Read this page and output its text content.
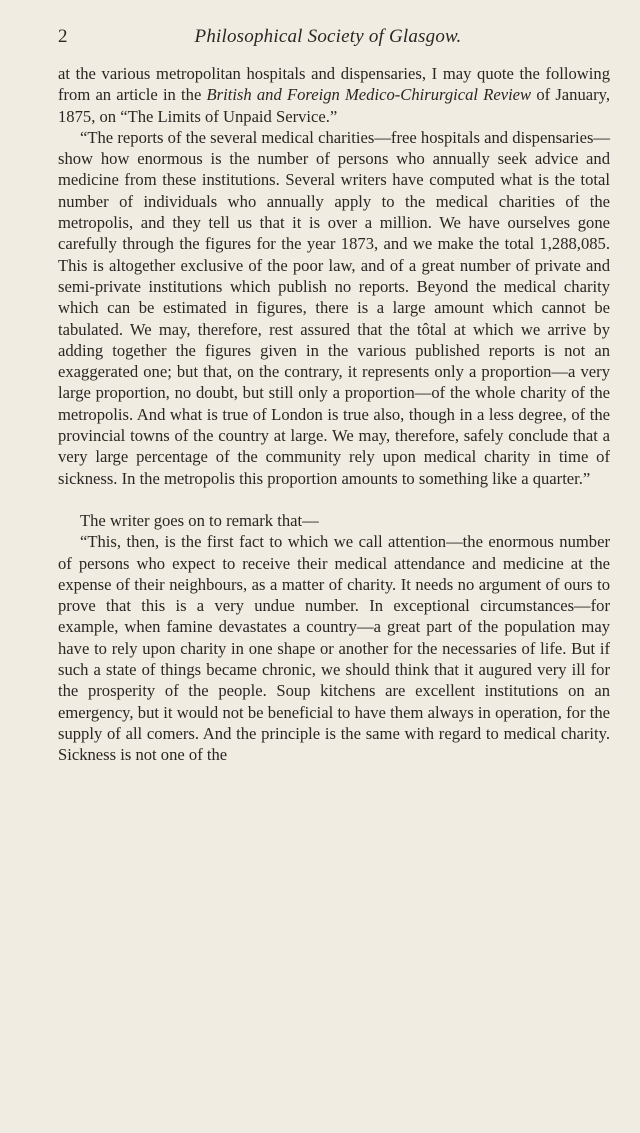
2	Philosophical Society of Glasgow.

at the various metropolitan hospitals and dispensaries, I may quote the following from an article in the British and Foreign Medico-Chirurgical Review of January, 1875, on “The Limits of Unpaid Service.”

“The reports of the several medical charities—free hospitals and dispensaries—show how enormous is the number of persons who annually seek advice and medicine from these institutions. Several writers have computed what is the total number of individuals who annually apply to the medical charities of the metropolis, and they tell us that it is over a million. We have ourselves gone carefully through the figures for the year 1873, and we make the total 1,288,085. This is altogether exclusive of the poor law, and of a great number of private and semi-private institutions which publish no reports. Beyond the medical charity which can be estimated in figures, there is a large amount which cannot be tabulated. We may, therefore, rest assured that the tôtal at which we arrive by adding together the figures given in the various published reports is not an exaggerated one; but that, on the contrary, it represents only a proportion—a very large proportion, no doubt, but still only a proportion—of the whole charity of the metropolis. And what is true of London is true also, though in a less degree, of the provincial towns of the country at large. We may, therefore, safely conclude that a very large percentage of the community rely upon medical charity in time of sickness. In the metropolis this proportion amounts to something like a quarter.”

The writer goes on to remark that—

“This, then, is the first fact to which we call attention—the enormous number of persons who expect to receive their medical attendance and medicine at the expense of their neighbours, as a matter of charity. It needs no argument of ours to prove that this is a very undue number. In exceptional circumstances—for example, when famine devastates a country—a great part of the population may have to rely upon charity in one shape or another for the necessaries of life. But if such a state of things became chronic, we should think that it augured very ill for the prosperity of the people. Soup kitchens are excellent institutions on an emergency, but it would not be beneficial to have them always in operation, for the supply of all comers. And the principle is the same with regard to medical charity. Sickness is not one of the
